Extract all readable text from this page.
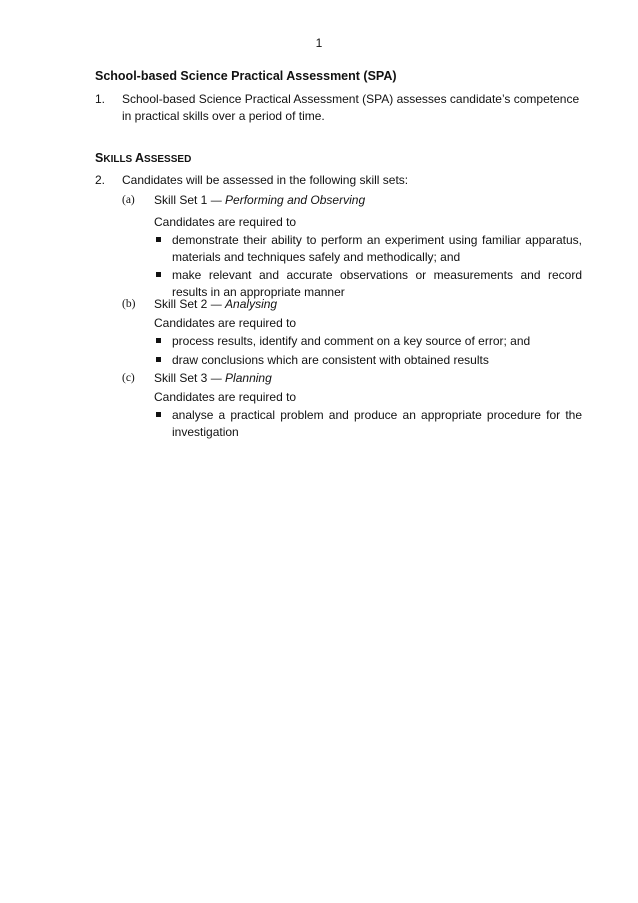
1
School-based Science Practical Assessment (SPA)
1. School-based Science Practical Assessment (SPA) assesses candidate’s competence in practical skills over a period of time.
SKILLS ASSESSED
2. Candidates will be assessed in the following skill sets:
(a) Skill Set 1 — Performing and Observing
Candidates are required to
demonstrate their ability to perform an experiment using familiar apparatus, materials and techniques safely and methodically; and
make relevant and accurate observations or measurements and record results in an appropriate manner
(b) Skill Set 2 — Analysing
Candidates are required to
process results, identify and comment on a key source of error; and
draw conclusions which are consistent with obtained results
(c) Skill Set 3 — Planning
Candidates are required to
analyse a practical problem and produce an appropriate procedure for the investigation
